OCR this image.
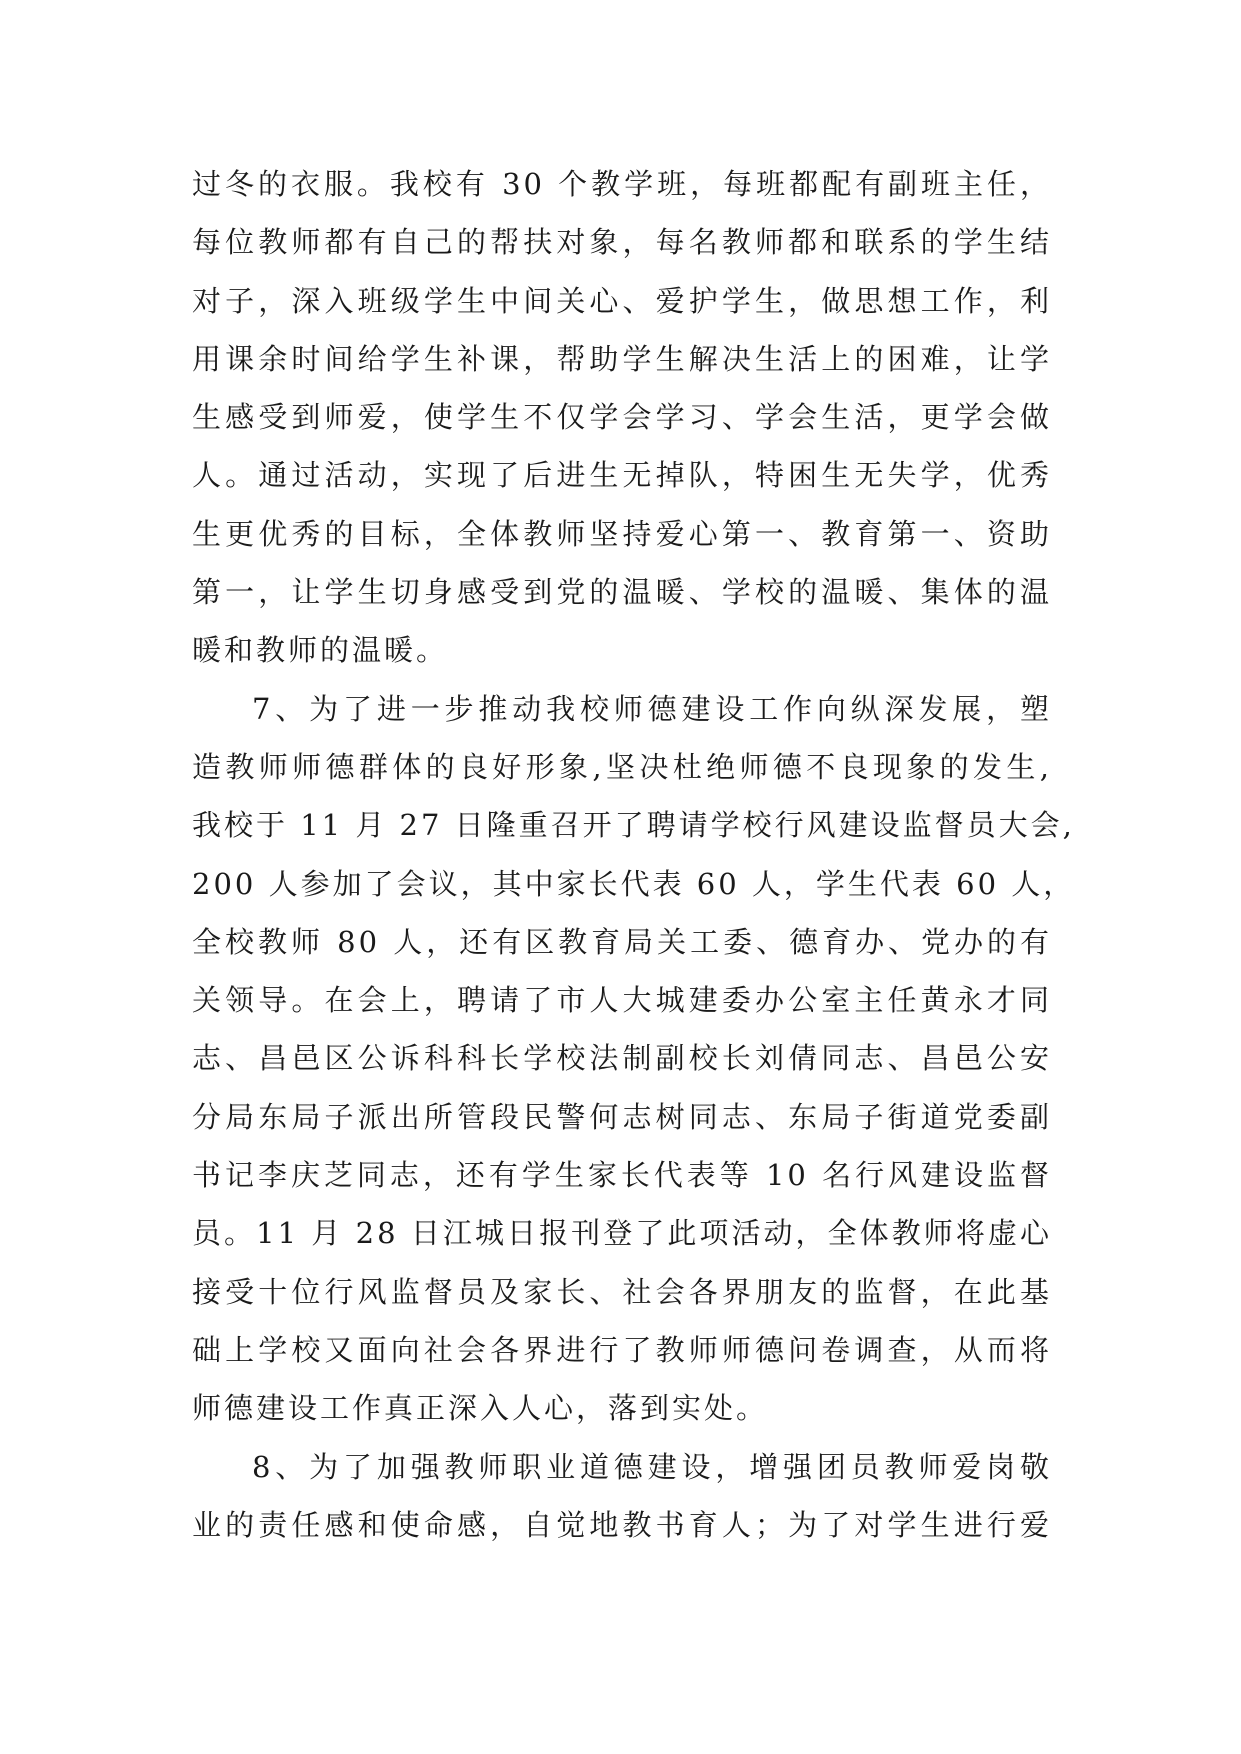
过冬的衣服。我校有 30 个教学班，每班都配有副班主任，
每位教师都有自己的帮扶对象，每名教师都和联系的学生结
对子，深入班级学生中间关心、爱护学生，做思想工作，利
用课余时间给学生补课，帮助学生解决生活上的困难，让学
生感受到师爱，使学生不仅学会学习、学会生活，更学会做
人。通过活动，实现了后进生无掉队，特困生无失学，优秀
生更优秀的目标，全体教师坚持爱心第一、教育第一、资助
第一，让学生切身感受到党的温暖、学校的温暖、集体的温
暖和教师的温暖。
7、为了进一步推动我校师德建设工作向纵深发展，塑
造教师师德群体的良好形象,坚决杜绝师德不良现象的发生,
我校于 11 月 27 日隆重召开了聘请学校行风建设监督员大会,
200 人参加了会议，其中家长代表 60 人，学生代表 60 人，
全校教师 80 人，还有区教育局关工委、德育办、党办的有
关领导。在会上，聘请了市人大城建委办公室主任黄永才同
志、昌邑区公诉科科长学校法制副校长刘倩同志、昌邑公安
分局东局子派出所管段民警何志树同志、东局子街道党委副
书记李庆芝同志，还有学生家长代表等 10 名行风建设监督
员。11 月 28 日江城日报刊登了此项活动，全体教师将虚心
接受十位行风监督员及家长、社会各界朋友的监督，在此基
础上学校又面向社会各界进行了教师师德问卷调查，从而将
师德建设工作真正深入人心，落到实处。
8、为了加强教师职业道德建设，增强团员教师爱岗敬
业的责任感和使命感，自觉地教书育人；为了对学生进行爱
